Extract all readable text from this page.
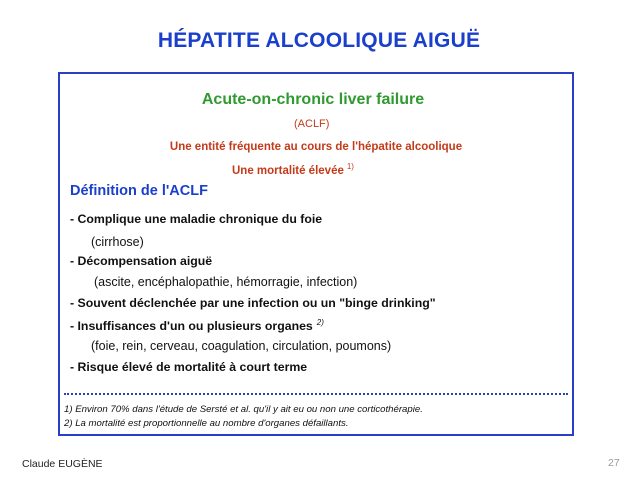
HÉPATITE ALCOOLIQUE AIGUË
Acute-on-chronic liver failure
(ACLF)
Une entité fréquente au cours de l'hépatite alcoolique
Une mortalité élevée $^{1)}$
Définition de l'ACLF
- Complique une maladie chronique du foie
(cirrhose)
- Décompensation aiguë
(ascite, encéphalopathie, hémorragie, infection)
- Souvent déclenchée par une infection ou un "binge drinking"
- Insuffisances d'un ou plusieurs organes $^{2)}$
(foie, rein, cerveau, coagulation, circulation, poumons)
- Risque élevé de mortalité à court terme
1) Environ 70% dans l'étude de Sersté et al. qu'il y ait eu ou non une corticothérapie.
2) La mortalité est proportionnelle au nombre d'organes défaillants.
Claude EUGÈNE	27
